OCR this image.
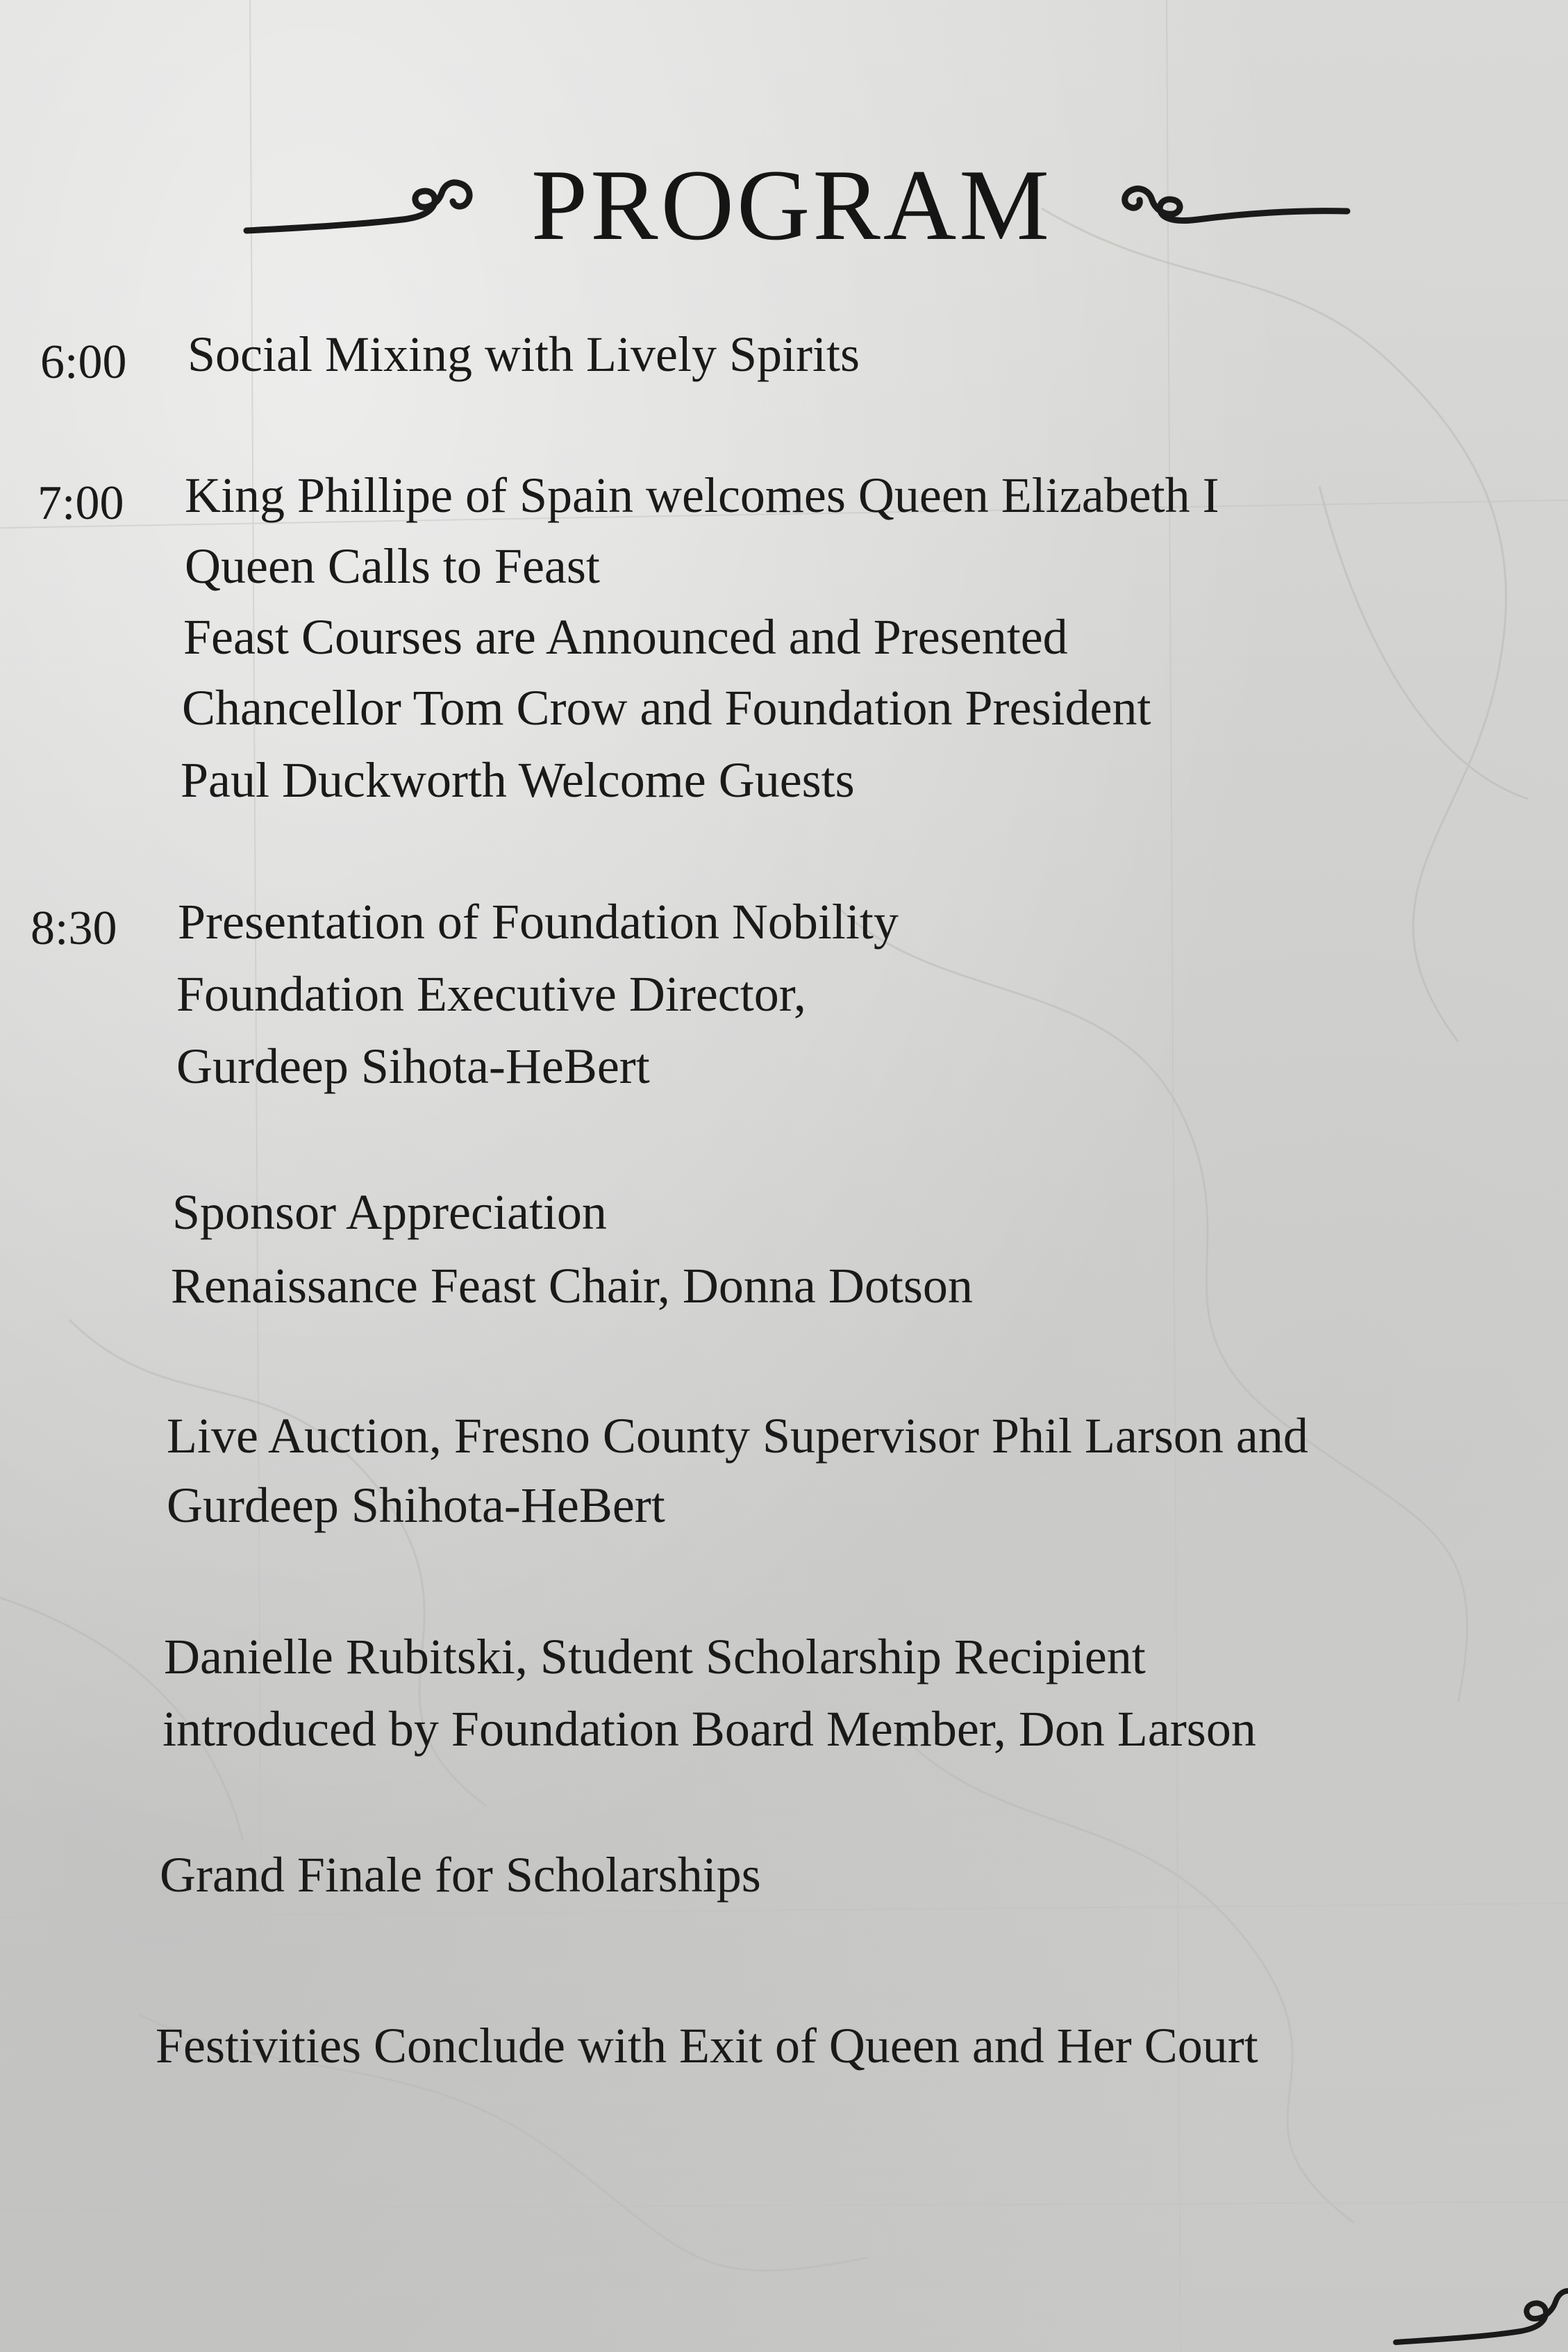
PROGRAM
6:00 Social Mixing with Lively Spirits
7:00 King Phillipe of Spain welcomes Queen Elizabeth I
Queen Calls to Feast
Feast Courses are Announced and Presented
Chancellor Tom Crow and Foundation President
Paul Duckworth Welcome Guests
8:30 Presentation of Foundation Nobility
Foundation Executive Director,
Gurdeep Sihota-HeBert
Sponsor Appreciation
Renaissance Feast Chair, Donna Dotson
Live Auction, Fresno County Supervisor Phil Larson and
Gurdeep Shihota-HeBert
Danielle Rubitski, Student Scholarship Recipient
introduced by Foundation Board Member, Don Larson
Grand Finale for Scholarships
Festivities Conclude with Exit of Queen and Her Court
